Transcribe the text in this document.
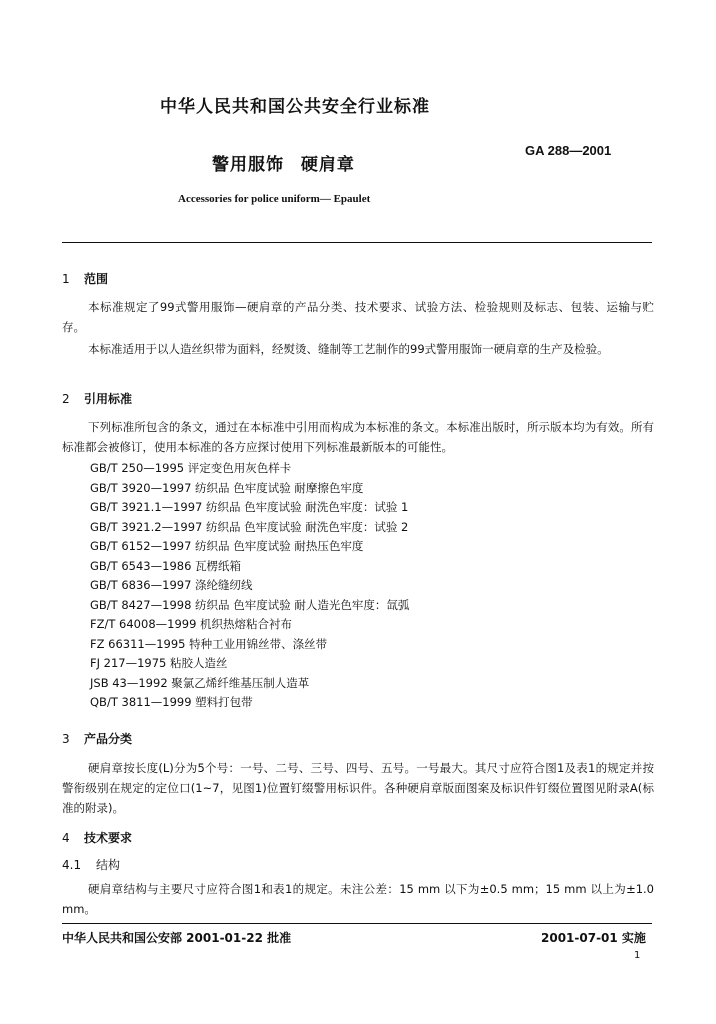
中华人民共和国公共安全行业标准
GA 288—2001
警用服饰 硬肩章
Accessories for police uniform— Epaulet
1 范围
本标准规定了99式警用服饰—硬肩章的产品分类、技术要求、试验方法、检验规则及标志、包装、运输与贮存。
本标准适用于以人造丝织带为面料，经熨烫、缝制等工艺制作的99式警用服饰一硬肩章的生产及检验。
2 引用标准
下列标准所包含的条文，通过在本标准中引用而构成为本标准的条文。本标准出版时，所示版本均为有效。所有标准都会被修订，使用本标准的各方应探讨使用下列标准最新版本的可能性。
GB/T 250—1995 评定变色用灰色样卡
GB/T 3920—1997 纺织品 色牢度试验 耐摩擦色牢度
GB/T 3921.1—1997 纺织品 色牢度试验 耐洗色牢度：试验 1
GB/T 3921.2—1997 纺织品 色牢度试验 耐洗色牢度：试验 2
GB/T 6152—1997 纺织品 色牢度试验 耐热压色牢度
GB/T 6543—1986 瓦楞纸箱
GB/T 6836—1997 涤纶缝纫线
GB/T 8427—1998 纺织品 色牢度试验 耐人造光色牢度：氙弧
FZ/T 64008—1999 机织热熔粘合衬布
FZ 66311—1995 特种工业用锦丝带、涤丝带
FJ 217—1975 粘胶人造丝
JSB 43—1992 聚氯乙烯纤维基压制人造革
QB/T 3811—1999 塑料打包带
3 产品分类
硬肩章按长度(L)分为5个号：一号、二号、三号、四号、五号。一号最大。其尺寸应符合图1及表1的规定并按警衔级别在规定的定位口(1~7，见图1)位置钉缀警用标识件。各种硬肩章版面图案及标识件钉缀位置图见附录A(标准的附录)。
4 技术要求
4.1 结构
硬肩章结构与主要尺寸应符合图1和表1的规定。未注公差：15 mm 以下为±0.5 mm；15 mm 以上为±1.0 mm。
中华人民共和国公安部 2001-01-22 批准	2001-07-01 实施
1
